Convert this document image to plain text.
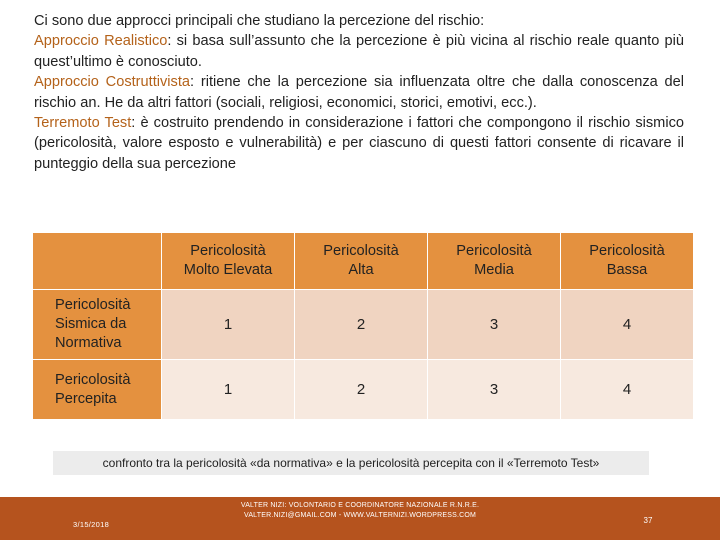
Ci sono due approcci principali che studiano la percezione del rischio:

Approccio Realistico: si basa sull’assunto che la percezione è più vicina al rischio reale quanto più quest’ultimo è conosciuto.

Approccio Costruttivista: ritiene che la percezione sia influenzata oltre che dalla conoscenza del rischio an. He da altri fattori (sociali, religiosi, economici, storici, emotivi, ecc.).

Terremoto Test: è costruito prendendo in considerazione i fattori che compongono il rischio sismico (pericolosità, valore esposto e vulnerabilità) e per ciascuno di questi fattori consente di ricavare il punteggio della sua percezione

	Pericolosità
Molto Elevata	Pericolosità
Alta	Pericolosità
Media	Pericolosità
Bassa
Pericolosità
Sismica da
Normativa	1	2	3	4
Pericolosità
Percepita	1	2	3	4
confronto tra la pericolosità «da normativa» e la pericolosità percepita con il «Terremoto Test»
3/15/2018
VALTER NIZI: VOLONTARIO E COORDINATORE NAZIONALE R.N.R.E.
VALTER.NIZI@GMAIL.COM - WWW.VALTERNIZI.WORDPRESS.COM
37
